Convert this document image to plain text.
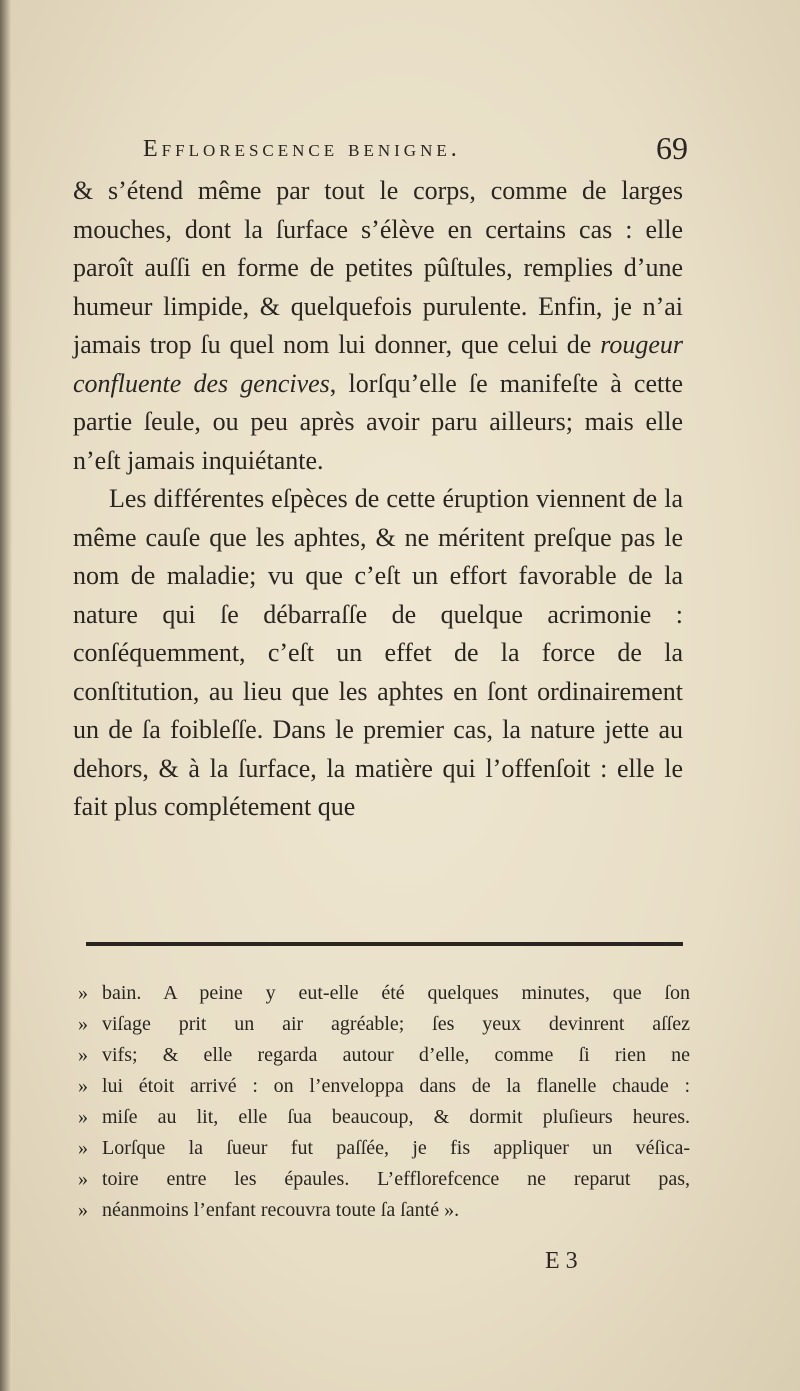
Efflorescence benigne.	69

& s’étend même par tout le corps, comme de larges mouches, dont la ſurface s’élève en certains cas : elle paroît auſſi en forme de petites pûſtules, remplies d’une humeur limpide, & quelquefois purulente. Enfin, je n’ai jamais trop ſu quel nom lui donner, que celui de rougeur confluente des gencives, lorſqu’elle ſe manifeſte à cette partie ſeule, ou peu après avoir paru ailleurs; mais elle n’eſt jamais inquiétante.

Les différentes eſpèces de cette éruption viennent de la même cauſe que les aphtes, & ne méritent preſque pas le nom de maladie; vu que c’eſt un effort favorable de la nature qui ſe débarraſſe de quelque acrimonie : conſéquemment, c’eſt un effet de la force de la conſtitution, au lieu que les aphtes en ſont ordinairement un de ſa foibleſſe. Dans le premier cas, la nature jette au dehors, & à la ſurface, la matière qui l’offenſoit : elle le fait plus complétement que

» bain. A peine y eut-elle été quelques minutes, que ſon
» viſage prit un air agréable; ſes yeux devinrent aſſez
» vifs; & elle regarda autour d’elle, comme ſi rien ne
» lui étoit arrivé : on l’enveloppa dans de la flanelle chaude :
» miſe au lit, elle ſua beaucoup, & dormit pluſieurs heures.
» Lorſque la ſueur fut paſſée, je fis appliquer un véſica-
» toire entre les épaules. L’efflorefcence ne reparut pas,
» néanmoins l’enfant recouvra toute ſa ſanté ».
E 3
